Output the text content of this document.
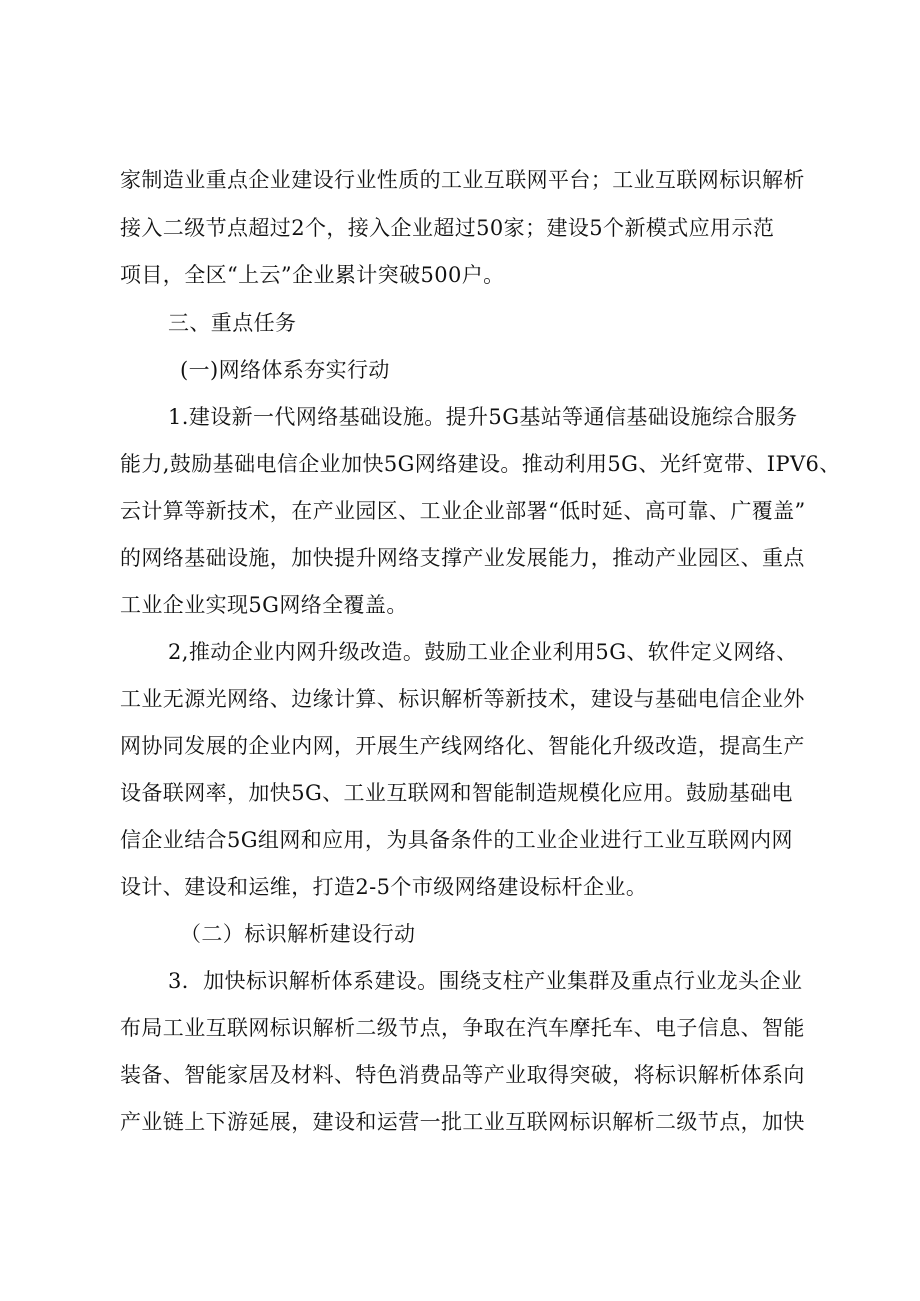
家制造业重点企业建设行业性质的工业互联网平台；工业互联网标识解析
接入二级节点超过2个，接入企业超过50家；建设5个新模式应用示范
项目，全区“上云”企业累计突破500户。
三、重点任务
(一)网络体系夯实行动
1.建设新一代网络基础设施。提升5G基站等通信基础设施综合服务
能力,鼓励基础电信企业加快5G网络建设。推动利用5G、光纤宽带、IPV6、
云计算等新技术，在产业园区、工业企业部署“低时延、高可靠、广覆盖”
的网络基础设施，加快提升网络支撑产业发展能力，推动产业园区、重点
工业企业实现5G网络全覆盖。
2,推动企业内网升级改造。鼓励工业企业利用5G、软件定义网络、
工业无源光网络、边缘计算、标识解析等新技术，建设与基础电信企业外
网协同发展的企业内网，开展生产线网络化、智能化升级改造，提高生产
设备联网率，加快5G、工业互联网和智能制造规模化应用。鼓励基础电
信企业结合5G组网和应用，为具备条件的工业企业进行工业互联网内网
设计、建设和运维，打造2-5个市级网络建设标杆企业。
（二）标识解析建设行动
3．加快标识解析体系建设。围绕支柱产业集群及重点行业龙头企业
布局工业互联网标识解析二级节点，争取在汽车摩托车、电子信息、智能
装备、智能家居及材料、特色消费品等产业取得突破，将标识解析体系向
产业链上下游延展，建设和运营一批工业互联网标识解析二级节点，加快
